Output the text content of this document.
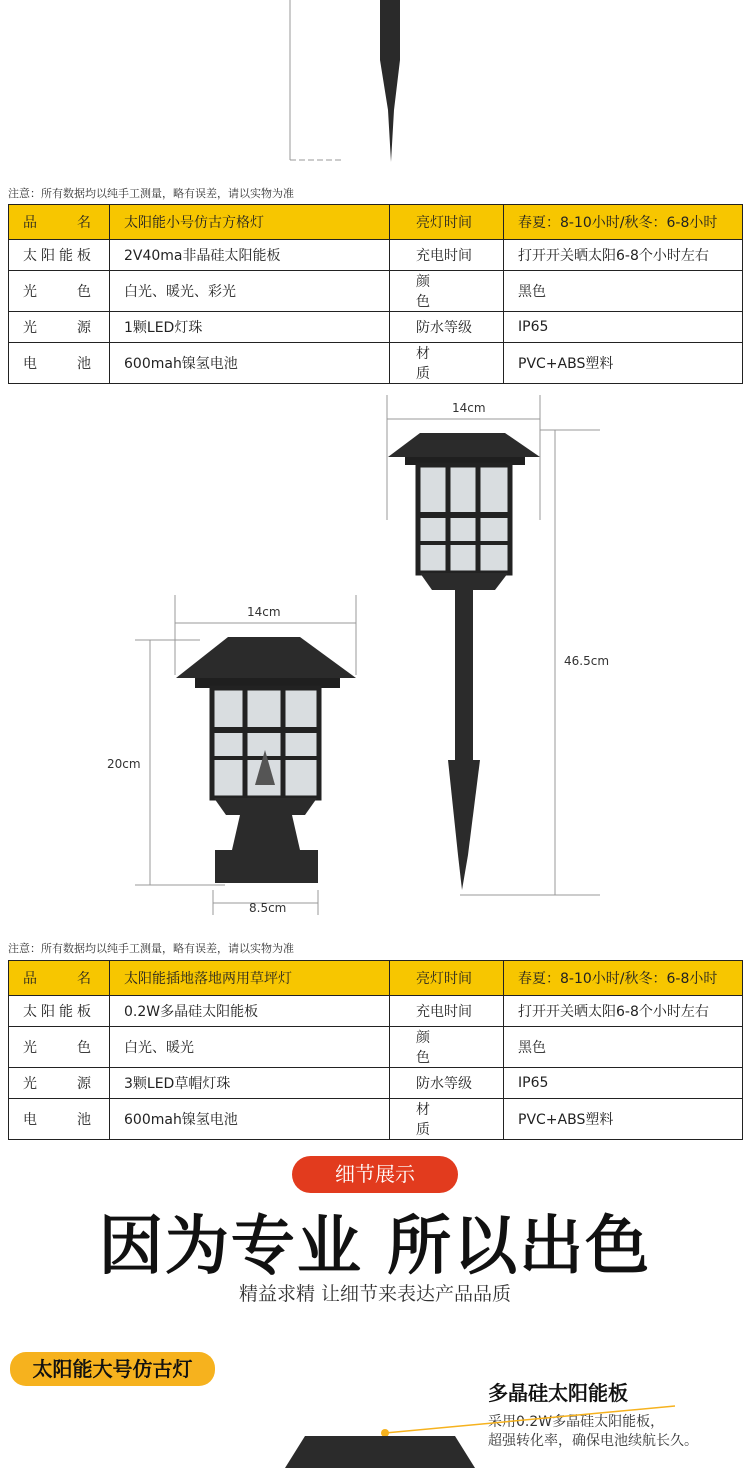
注意：所有数据均以纯手工测量，略有误差，请以实物为准
品 名	太阳能小号仿古方格灯	亮灯时间	春夏：8-10小时/秋冬：6-8小时
太阳能板	2V40ma非晶硅太阳能板	充电时间	打开开关晒太阳6-8个小时左右
光 色	白光、暖光、彩光	颜 色	黑色
光 源	1颗LED灯珠	防水等级	IP65
电 池	600mah镍氢电池	材 质	PVC+ABS塑料
14cm
46.5cm
14cm
20cm
8.5cm
注意：所有数据均以纯手工测量，略有误差，请以实物为准
品 名	太阳能插地落地两用草坪灯	亮灯时间	春夏：8-10小时/秋冬：6-8小时
太阳能板	0.2W多晶硅太阳能板	充电时间	打开开关晒太阳6-8个小时左右
光 色	白光、暖光	颜 色	黑色
光 源	3颗LED草帽灯珠	防水等级	IP65
电 池	600mah镍氢电池	材 质	PVC+ABS塑料
细节展示
因为专业 所以出色
精益求精 让细节来表达产品品质
太阳能大号仿古灯
多晶硅太阳能板
采用0.2W多晶硅太阳能板，
超强转化率，确保电池续航长久。
